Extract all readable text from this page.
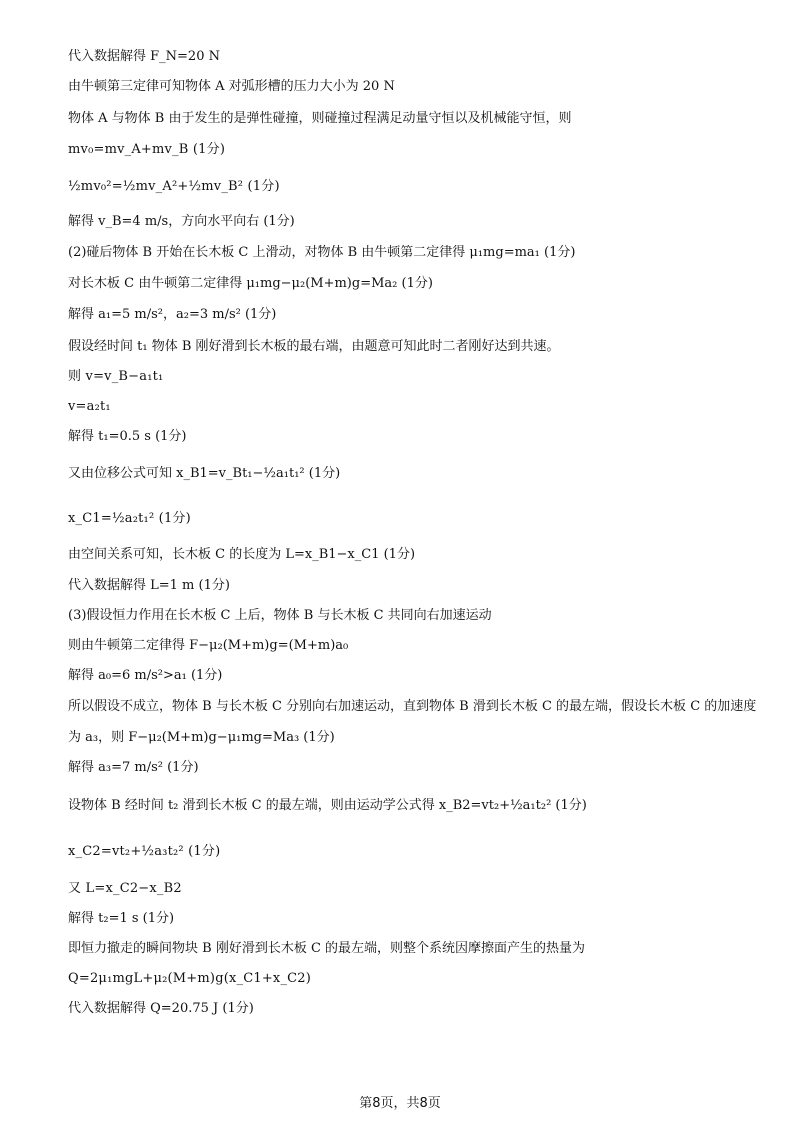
代入数据解得 F_N=20 N
由牛顿第三定律可知物体 A 对弧形槽的压力大小为 20 N
物体 A 与物体 B 由于发生的是弹性碰撞，则碰撞过程满足动量守恒以及机械能守恒，则
mv₀=mv_A+mv_B (1分)
½mv₀²=½mv_A²+½mv_B² (1分)
解得 v_B=4 m/s，方向水平向右 (1分)
(2)碰后物体 B 开始在长木板 C 上滑动，对物体 B 由牛顿第二定律得 μ₁mg=ma₁ (1分)
对长木板 C 由牛顿第二定律得 μ₁mg−μ₂(M+m)g=Ma₂ (1分)
解得 a₁=5 m/s²，a₂=3 m/s² (1分)
假设经时间 t₁ 物体 B 刚好滑到长木板的最右端，由题意可知此时二者刚好达到共速。
则 v=v_B−a₁t₁
v=a₂t₁
解得 t₁=0.5 s (1分)
又由位移公式可知 x_B1=v_Bt₁−½a₁t₁² (1分)
x_C1=½a₂t₁² (1分)
由空间关系可知，长木板 C 的长度为 L=x_B1−x_C1 (1分)
代入数据解得 L=1 m (1分)
(3)假设恒力作用在长木板 C 上后，物体 B 与长木板 C 共同向右加速运动
则由牛顿第二定律得 F−μ₂(M+m)g=(M+m)a₀
解得 a₀=6 m/s²>a₁ (1分)
所以假设不成立，物体 B 与长木板 C 分别向右加速运动，直到物体 B 滑到长木板 C 的最左端，假设长木板 C 的加速度
为 a₃，则 F−μ₂(M+m)g−μ₁mg=Ma₃ (1分)
解得 a₃=7 m/s² (1分)
设物体 B 经时间 t₂ 滑到长木板 C 的最左端，则由运动学公式得 x_B2=vt₂+½a₁t₂² (1分)
x_C2=vt₂+½a₃t₂² (1分)
又 L=x_C2−x_B2
解得 t₂=1 s (1分)
即恒力撤走的瞬间物块 B 刚好滑到长木板 C 的最左端，则整个系统因摩擦面产生的热量为
Q=2μ₁mgL+μ₂(M+m)g(x_C1+x_C2)
代入数据解得 Q=20.75 J (1分)
第8页，共8页
